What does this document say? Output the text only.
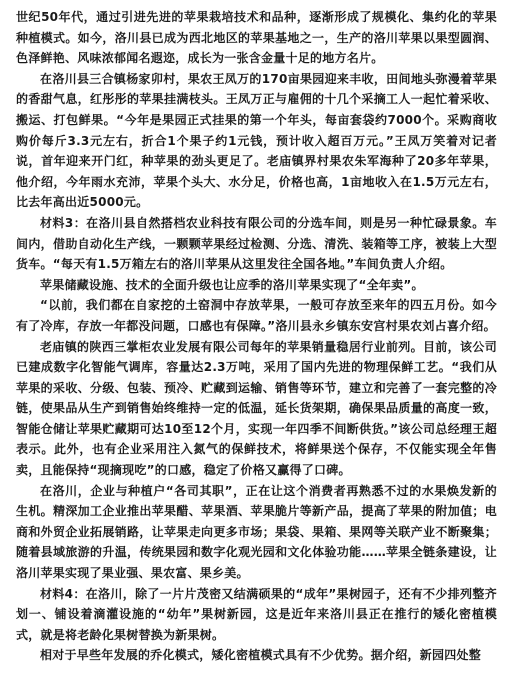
世纪50年代，通过引进先进的苹果栽培技术和品种，逐渐形成了规模化、集约化的苹果种植模式。如今，洛川县已成为西北地区的苹果基地之一，生产的洛川苹果以果型圆润、色泽鲜艳、风味浓郁闻名遐迩，成长为一张含金量十足的地方名片。

在洛川县三合镇杨家卯村，果农王凤万的170亩果园迎来丰收，田间地头弥漫着苹果的香甜气息，红彤彤的苹果挂满枝头。王凤万正与雇佣的十几个采摘工人一起忙着采收、搬运、打包鲜果。“今年是果园正式挂果的第一个年头，每亩套袋约7000个。采购商收购价每斤3.3元左右，折合1个果子约1元钱，预计收入超百万元。”王凤万笑着对记者说，首年迎来开门红，种苹果的劲头更足了。老庙镇界村果农朱军海种了20多年苹果，他介绍，今年雨水充沛，苹果个头大、水分足，价格也高，1亩地收入在1.5万元左右，比去年高出近5000元。

材料3：在洛川县自然搭档农业科技有限公司的分选车间，则是另一种忙碌景象。车间内，借助自动化生产线，一颗颗苹果经过检测、分选、清洗、装箱等工序，被装上大型货车。“每天有1.5万箱左右的洛川苹果从这里发往全国各地。”车间负责人介绍。

苹果储藏设施、技术的全面升级也让应季的洛川苹果实现了“全年卖”。

“以前，我们都在自家挖的土窑洞中存放苹果，一般可存放至来年的四五月份。如今有了冷库，存放一年都没问题，口感也有保障。”洛川县永乡镇东安宫村果农刘占喜介绍。

老庙镇的陕西三掌柜农业发展有限公司每年的苹果销量稳居行业前列。目前，该公司已建成数字化智能气调库，容量达2.3万吨，采用了国内先进的物理保鲜工艺。“我们从苹果的采收、分级、包装、预冷、贮藏到运输、销售等环节，建立和完善了一套完整的冷链，使果品从生产到销售始终维持一定的低温，延长货架期，确保果品质量的高度一致，智能仓储让苹果贮藏期可达10至12个月，实现一年四季不间断供货。”该公司总经理王超表示。此外，也有企业采用注入氮气的保鲜技术，将鲜果送个保存，不仅能实现全年售卖，且能保持“现摘现吃”的口感，稳定了价格又赢得了口碑。

在洛川，企业与种植户“各司其职”，正在让这个消费者再熟悉不过的水果焕发新的生机。精深加工企业推出苹果醋、苹果酒、苹果脆片等新产品，提高了苹果的附加值；电商和外贸企业拓展销路，让苹果走向更多市场；果袋、果箱、果网等关联产业不断聚集；随着县域旅游的升温，传统果园和数字化观光园和文化体验功能……苹果全链条建设，让洛川苹果实现了果业强、果农富、果乡美。

材料4：在洛川，除了一片片茂密又结满硕果的“成年”果树园子，还有不少排列整齐划一、铺设着滴灌设施的“幼年”果树新园，这是近年来洛川县正在推行的矮化密植模式，就是将老龄化果树替换为新果树。

相对于早些年发展的乔化模式，矮化密植模式具有不少优势。据介绍，新园四处整
